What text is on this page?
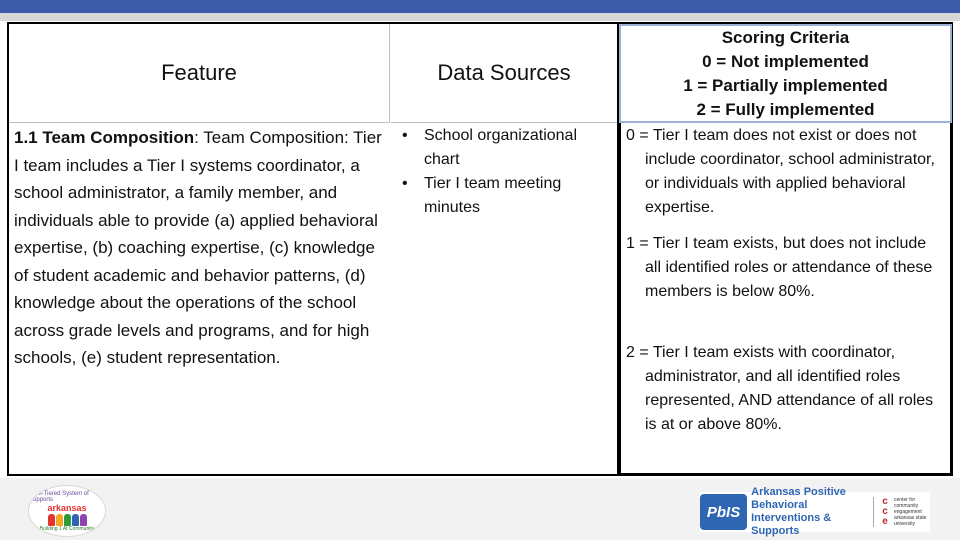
Feature	Data Sources
Scoring Criteria
0 = Not implemented
1 = Partially implemented
2 = Fully implemented
1.1 Team Composition: Team Composition: Tier I team includes a Tier I systems coordinator, a school administrator, a family member, and individuals able to provide (a) applied behavioral expertise, (b) coaching expertise, (c) knowledge of student academic and behavior patterns, (d) knowledge about the operations of the school across grade levels and programs, and for high schools, (e) student representation.
• School organizational chart
• Tier I team meeting minutes
0 = Tier I team does not exist or does not include coordinator, school administrator, or individuals with applied behavioral expertise.
1 = Tier I team exists, but does not include all identified roles or attendance of these members is below 80%.
2 = Tier I team exists with coordinator, administrator, and all identified roles represented, AND attendance of all roles is at or above 80%.
Multi-Tiered System of Supports
arkansas
Building 1 At Community
PbIS
Arkansas Positive Behavioral Interventions & Supports
c
c
e
center for community engagement arkansas state university
